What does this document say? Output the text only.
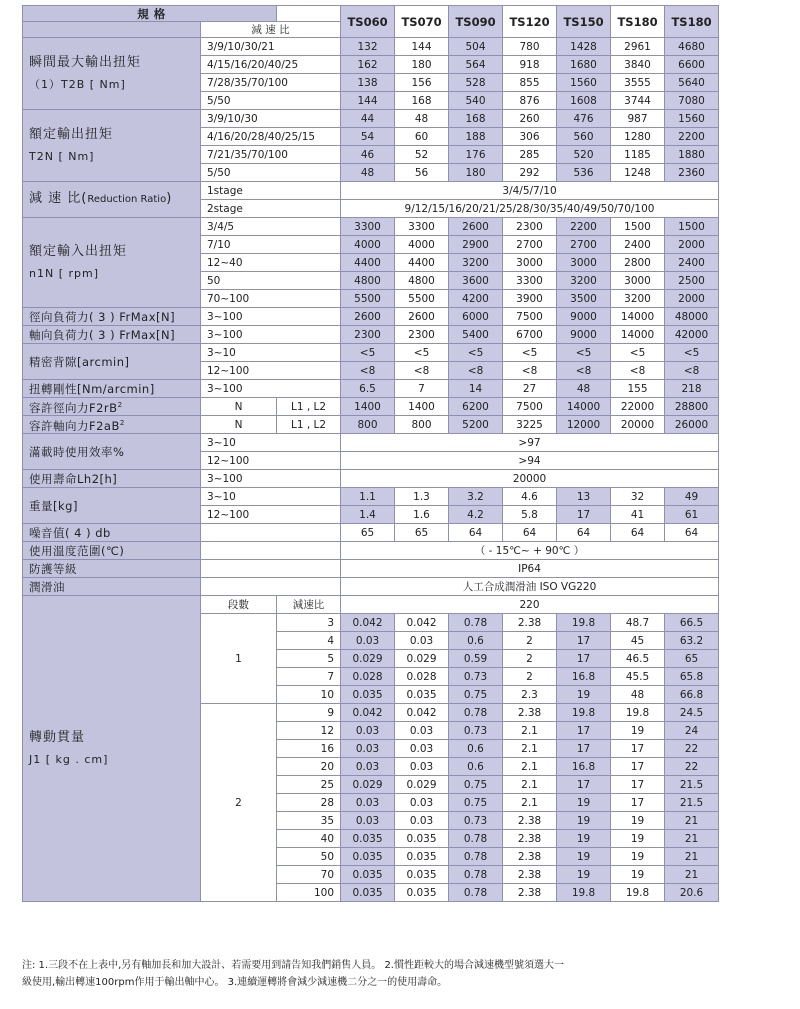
規 格			TS060	TS070	TS090	TS120	TS150	TS180	TS180
	減 速 比								
瞬間最大輸出扭矩
（1）T2B [ Nm]	3/9/10/30/21		132	144	504	780	1428	2961	4680
	4/15/16/20/40/25		162	180	564	918	1680	3840	6600
	7/28/35/70/100		138	156	528	855	1560	3555	5640
	5/50		144	168	540	876	1608	3744	7080
額定輸出扭矩
T2N [ Nm]	3/9/10/30		44	48	168	260	476	987	1560
	4/16/20/28/40/25/15		54	60	188	306	560	1280	2200
	7/21/35/70/100		46	52	176	285	520	1185	1880
	5/50		48	56	180	292	536	1248	2360
減 速 比(Reduction Ratio)	1stage		3/4/5/7/10						
	2stage		9/12/15/16/20/21/25/28/30/35/40/49/50/70/100						
額定輸入出扭矩
n1N [ rpm]	3/4/5		3300	3300	2600	2300	2200	1500	1500
	7/10		4000	4000	2900	2700	2700	2400	2000
	12~40		4400	4400	3200	3000	3000	2800	2400
	50		4800	4800	3600	3300	3200	3000	2500
	70~100		5500	5500	4200	3900	3500	3200	2000
徑向負荷力( 3 ) FrMax[N]	3~100		2600	2600	6000	7500	9000	14000	48000
軸向負荷力( 3 ) FrMax[N]	3~100		2300	2300	5400	6700	9000	14000	42000
精密背隙[arcmin]	3~10		<5	<5	<5	<5	<5	<5	<5
	12~100		<8	<8	<8	<8	<8	<8	<8
扭轉剛性[Nm/arcmin]	3~100		6.5	7	14	27	48	155	218
容許徑向力$F2rB^2$	N	L1 , L2	1400	1400	6200	7500	14000	22000	28800
容許軸向力$F2aB^2$	N	L1 , L2	800	800	5200	3225	12000	20000	26000
滿載時使用效率%	3~10		>97						
	12~100		>94						
使用壽命Lh2[h]	3~100		20000						
重量[kg]	3~10		1.1	1.3	3.2	4.6	13	32	49
	12~100		1.4	1.6	4.2	5.8	17	41	61
噪音值( 4 ) db			65	65	64	64	64	64	64
使用溫度范圍(℃)			（ - 15℃~ + 90℃ ）						
防護等級			IP64						
潤滑油			人工合成潤滑油 ISO VG220						
轉動貫量
J1 [ kg . cm]	段數	減速比	220						
	1	3	0.042	0.042	0.78	2.38	19.8	48.7	66.5
		4	0.03	0.03	0.6	2	17	45	63.2
		5	0.029	0.029	0.59	2	17	46.5	65
		7	0.028	0.028	0.73	2	16.8	45.5	65.8
		10	0.035	0.035	0.75	2.3	19	48	66.8
	2	9	0.042	0.042	0.78	2.38	19.8	19.8	24.5
		12	0.03	0.03	0.73	2.1	17	19	24
		16	0.03	0.03	0.6	2.1	17	17	22
		20	0.03	0.03	0.6	2.1	16.8	17	22
		25	0.029	0.029	0.75	2.1	17	17	21.5
		28	0.03	0.03	0.75	2.1	19	17	21.5
		35	0.03	0.03	0.73	2.38	19	19	21
		40	0.035	0.035	0.78	2.38	19	19	21
		50	0.035	0.035	0.78	2.38	19	19	21
		70	0.035	0.035	0.78	2.38	19	19	21
		100	0.035	0.035	0.78	2.38	19.8	19.8	20.6
注: 1.三段不在上表中,另有軸加長和加大設計、若需要用到請告知我們銷售人員。 2.慣性距較大的場合減速機型號須選大一
級使用,輸出轉速100rpm作用于輸出軸中心。 3.連續運轉將會減少減速機二分之一的使用壽命。
